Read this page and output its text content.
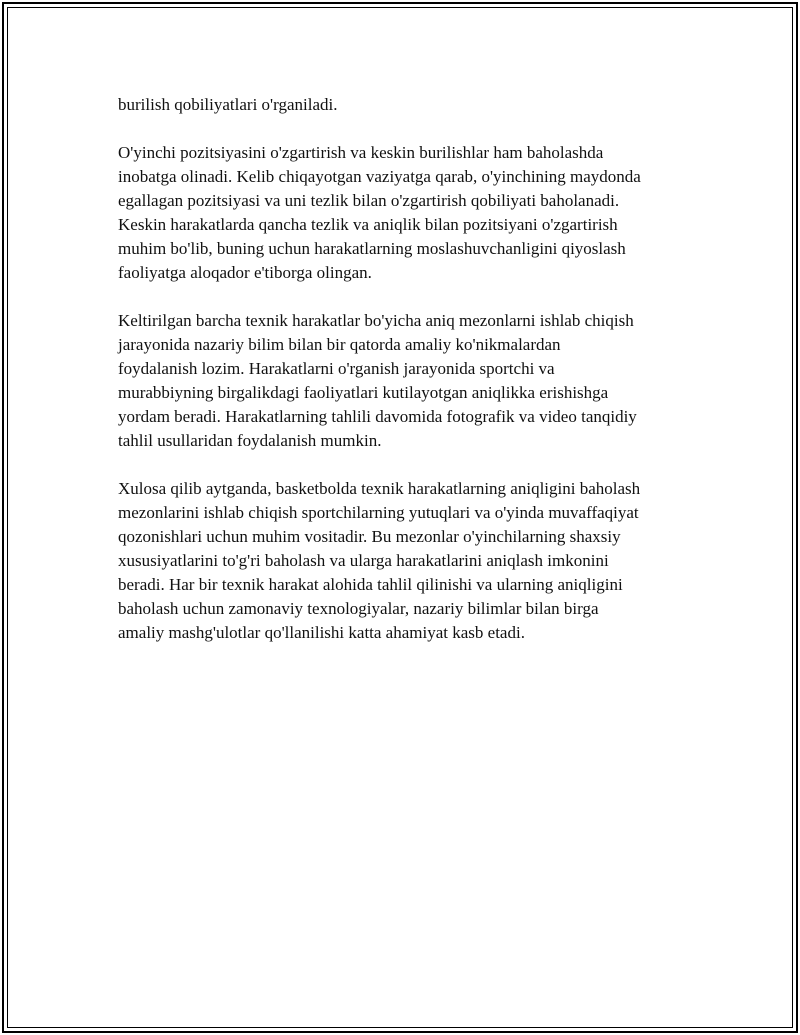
burilish qobiliyatlari o'rganiladi.

O'yinchi pozitsiyasini o'zgartirish va keskin burilishlar ham baholashda
inobatga olinadi. Kelib chiqayotgan vaziyatga qarab, o'yinchining maydonda
egallagan pozitsiyasi va uni tezlik bilan o'zgartirish qobiliyati baholanadi.
Keskin harakatlarda qancha tezlik va aniqlik bilan pozitsiyani o'zgartirish
muhim bo'lib, buning uchun harakatlarning moslashuvchanligini qiyoslash
faoliyatga aloqador e'tiborga olingan.

Keltirilgan barcha texnik harakatlar bo'yicha aniq mezonlarni ishlab chiqish
jarayonida nazariy bilim bilan bir qatorda amaliy ko'nikmalardan
foydalanish lozim. Harakatlarni o'rganish jarayonida sportchi va
murabbiyning birgalikdagi faoliyatlari kutilayotgan aniqlikka erishishga
yordam beradi. Harakatlarning tahlili davomida fotografik va video tanqidiy
tahlil usullaridan foydalanish mumkin.

Xulosa qilib aytganda, basketbolda texnik harakatlarning aniqligini baholash
mezonlarini ishlab chiqish sportchilarning yutuqlari va o'yinda muvaffaqiyat
qozonishlari uchun muhim vositadir. Bu mezonlar o'yinchilarning shaxsiy
xususiyatlarini to'g'ri baholash va ularga harakatlarini aniqlash imkonini
beradi. Har bir texnik harakat alohida tahlil qilinishi va ularning aniqligini
baholash uchun zamonaviy texnologiyalar, nazariy bilimlar bilan birga
amaliy mashg'ulotlar qo'llanilishi katta ahamiyat kasb etadi.
